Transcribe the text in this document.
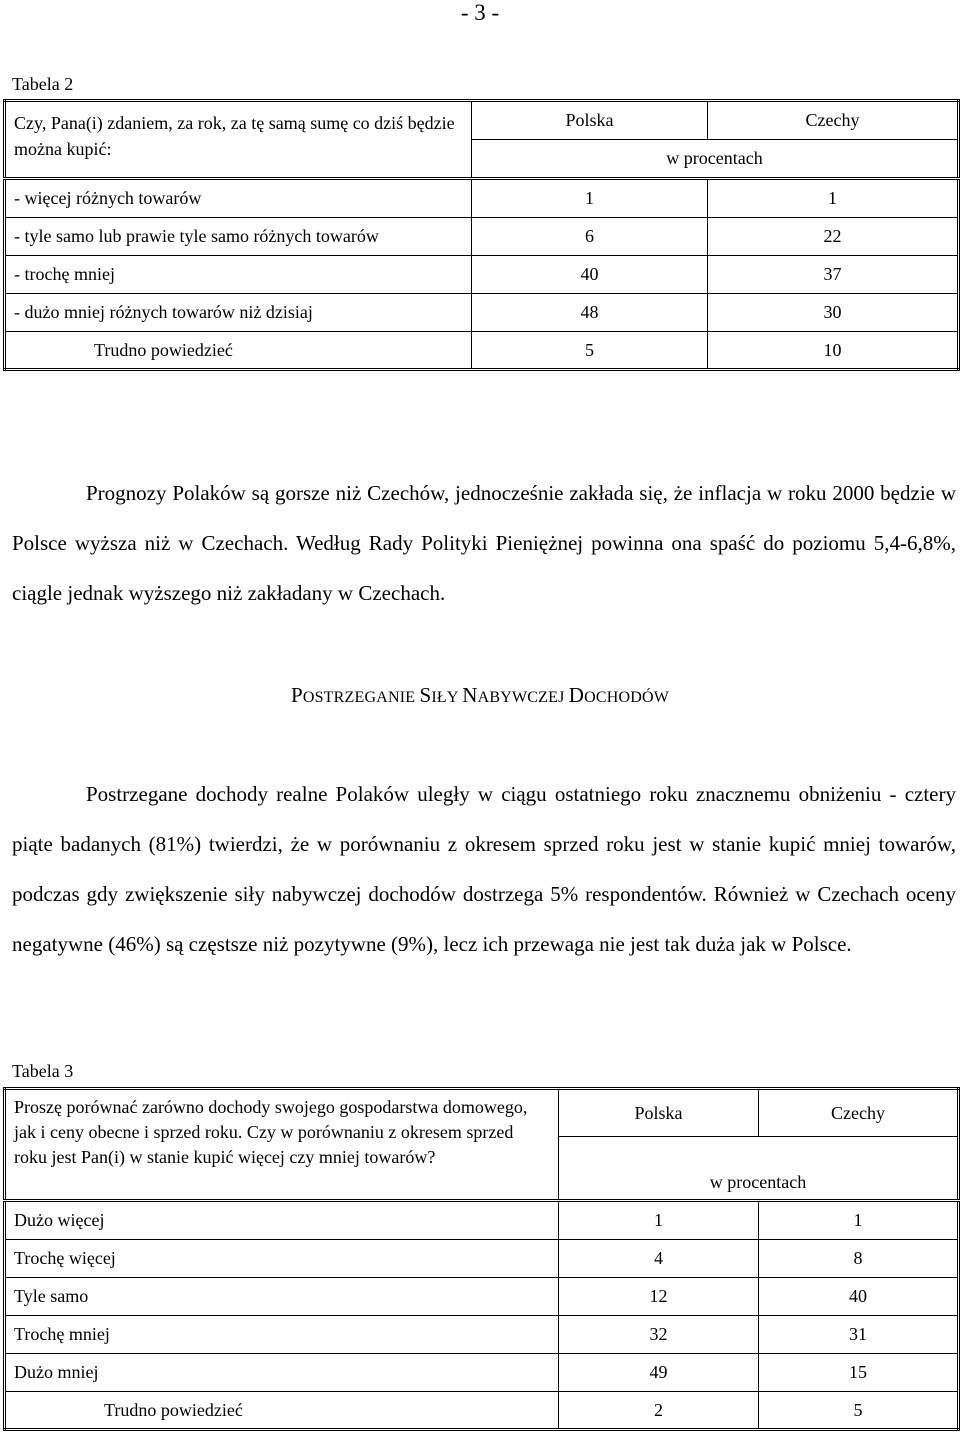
- 3 -
Tabela 2
Czy, Pana(i) zdaniem, za rok, za tę samą sumę co dziś będzie można kupić:	Polska	Czechy
	w procentach	
- więcej różnych towarów	1	1
- tyle samo lub prawie tyle samo różnych towarów	6	22
- trochę mniej	40	37
- dużo mniej różnych towarów niż dzisiaj	48	30
Trudno powiedzieć	5	10
Prognozy Polaków są gorsze niż Czechów, jednocześnie zakłada się, że inflacja w roku 2000 będzie w Polsce wyższa niż w Czechach. Według Rady Polityki Pieniężnej powinna ona spaść do poziomu 5,4-6,8%, ciągle jednak wyższego niż zakładany w Czechach.
POSTRZEGANIE SIŁY NABYWCZEJ DOCHODÓW
Postrzegane dochody realne Polaków uległy w ciągu ostatniego roku znacznemu obniżeniu - cztery piąte badanych (81%) twierdzi, że w porównaniu z okresem sprzed roku jest w stanie kupić mniej towarów, podczas gdy zwiększenie siły nabywczej dochodów dostrzega 5% respondentów. Również w Czechach oceny negatywne (46%) są częstsze niż pozytywne (9%), lecz ich przewaga nie jest tak duża jak w Polsce.
Tabela 3
Proszę porównać zarówno dochody swojego gospodarstwa domowego, jak i ceny obecne i sprzed roku. Czy w porównaniu z okresem sprzed roku jest Pan(i) w stanie kupić więcej czy mniej towarów?	Polska	Czechy
	w procentach	
Dużo więcej	1	1
Trochę więcej	4	8
Tyle samo	12	40
Trochę mniej	32	31
Dużo mniej	49	15
Trudno powiedzieć	2	5
